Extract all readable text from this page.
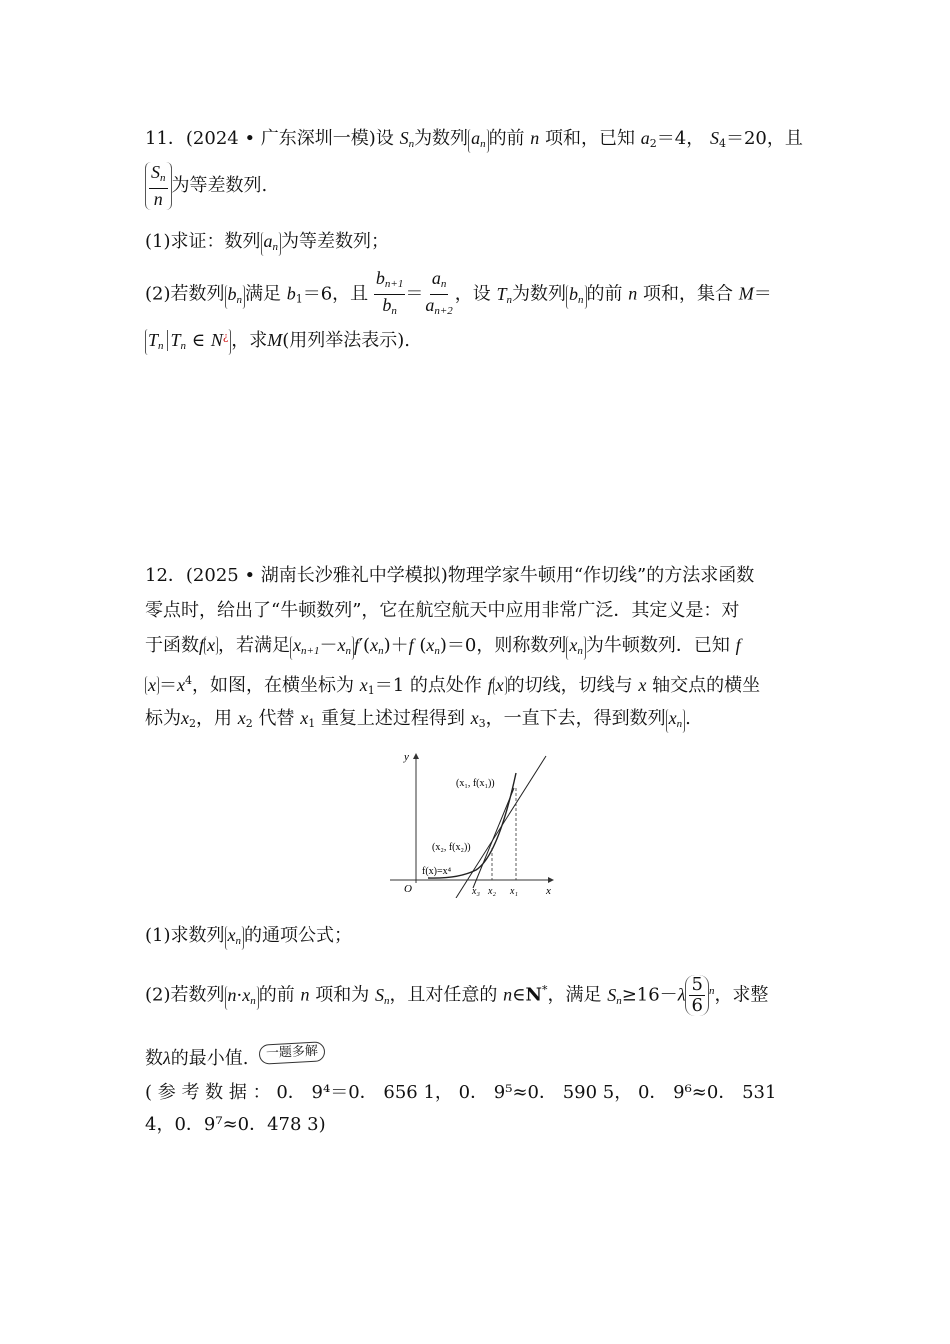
11．(2024 • 广东深圳一模)设 $S_n$为数列 $a_n$ 的前 n 项和，已知 $a_2=4$， $S_4=20$，且
$\frac{S_n}{n}$ 为等差数列.
(1)求证：数列 $a_n$ 为等差数列；
(2)若数列 $b_n$ 满足 $b_1=6$，且 $\frac{b_{n+1}}{b_n} = \frac{a_n}{a_{n+2}}$ ，设 $T_n$为数列 $b_n$ 的前 n 项和，集合 M＝
$T_n$ $T_n$ ∈ N¿ ，求M(用列举法表示).
12．(2025 • 湖南长沙雅礼中学模拟)物理学家牛顿用“作切线”的方法求函数
零点时，给出了“牛顿数列”，它在航空航天中应用非常广泛．其定义是：对
于函数f x ，若满足 $x_{n+1}-x_n$ $f'(x_n)+f$ $(x_n)=0$，则称数列 $x_n$ 为牛顿数列．已知 f
$x =x^4$，如图，在横坐标为 $x_1=1$ 的点处作 f x 的切线，切线与 x 轴交点的横坐
标为$x_2$，用 $x_2$ 代替 $x_1$ 重复上述过程得到 $x_3$，一直下去，得到数列 $x_n$ .
y
x
O
(x₁, f(x₁))
(x₂, f(x₂))
f(x)=x⁴
x₃ x₂ x₁
(1)求数列 $x_n$ 的通项公式；
(2)若数列 $n\cdot x_n$ 的前 n 项和为 $S_n$，且对任意的 n∈N*，满足 $S_n\ge 16-\lambda \frac{5}{6} ^n$，求整
数λ的最小值. 一题多解
( 参 考 数 据 ： 0． 9⁴＝0． 656 1， 0． 9⁵≈0． 590 5， 0． 9⁶≈0． 531
4，0．9⁷≈0．478 3)
